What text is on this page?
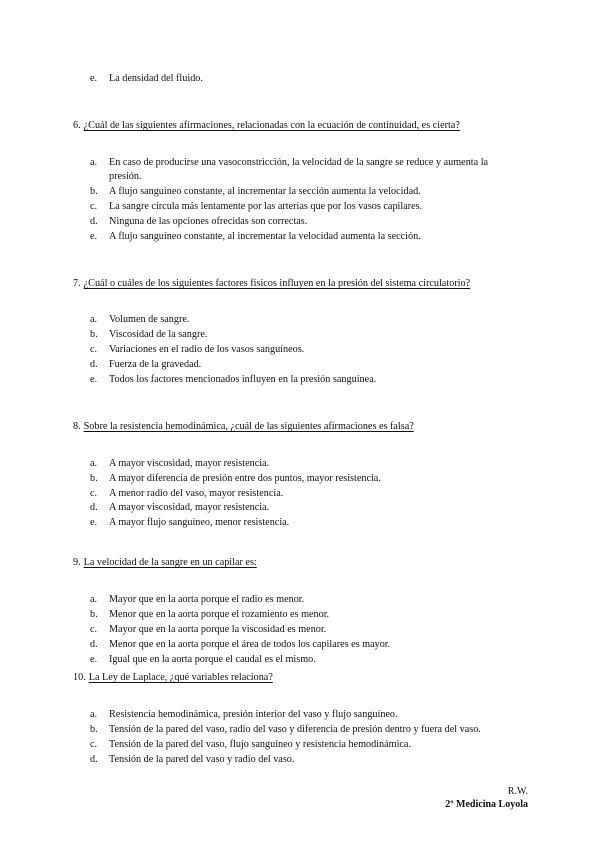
e. La densidad del fluido.
6. ¿Cuál de las siguientes afirmaciones, relacionadas con la ecuación de continuidad, es cierta?
a. En caso de producirse una vasoconstricción, la velocidad de la sangre se reduce y aumenta la
presión.
b. A flujo sanguíneo constante, al incrementar la sección aumenta la velocidad.
c. La sangre circula más lentamente por las arterias que por los vasos capilares.
d. Ninguna de las opciones ofrecidas son correctas.
e. A flujo sanguíneo constante, al incrementar la velocidad aumenta la sección.
7. ¿Cuál o cuáles de los siguientes factores físicos influyen en la presión del sistema circulatorio?
a. Volumen de sangre.
b. Viscosidad de la sangre.
c. Variaciones en el radio de los vasos sanguíneos.
d. Fuerza de la gravedad.
e. Todos los factores mencionados influyen en la presión sanguínea.
8. Sobre la resistencia hemodinámica, ¿cuál de las siguientes afirmaciones es falsa?
a. A mayor viscosidad, mayor resistencia.
b. A mayor diferencia de presión entre dos puntos, mayor resistencia.
c. A menor radio del vaso, mayor resistencia.
d. A mayor viscosidad, mayor resistencia.
e. A mayor flujo sanguíneo, menor resistencia.
9. La velocidad de la sangre en un capilar es:
a. Mayor que en la aorta porque el radio es menor.
b. Menor que en la aorta porque el rozamiento es menor.
c. Mayor que en la aorta porque la viscosidad es menor.
d. Menor que en la aorta porque el área de todos los capilares es mayor.
e. Igual que en la aorta porque el caudal es el mismo.
10. La Ley de Laplace, ¿qué variables relaciona?
a. Resistencia hemodinámica, presión interior del vaso y flujo sanguíneo.
b. Tensión de la pared del vaso, radio del vaso y diferencia de presión dentro y fuera del vaso.
c. Tensión de la pared del vaso, flujo sanguíneo y resistencia hemodinámica.
d. Tensión de la pared del vaso y radio del vaso.
R.W.
2º Medicina Loyola
